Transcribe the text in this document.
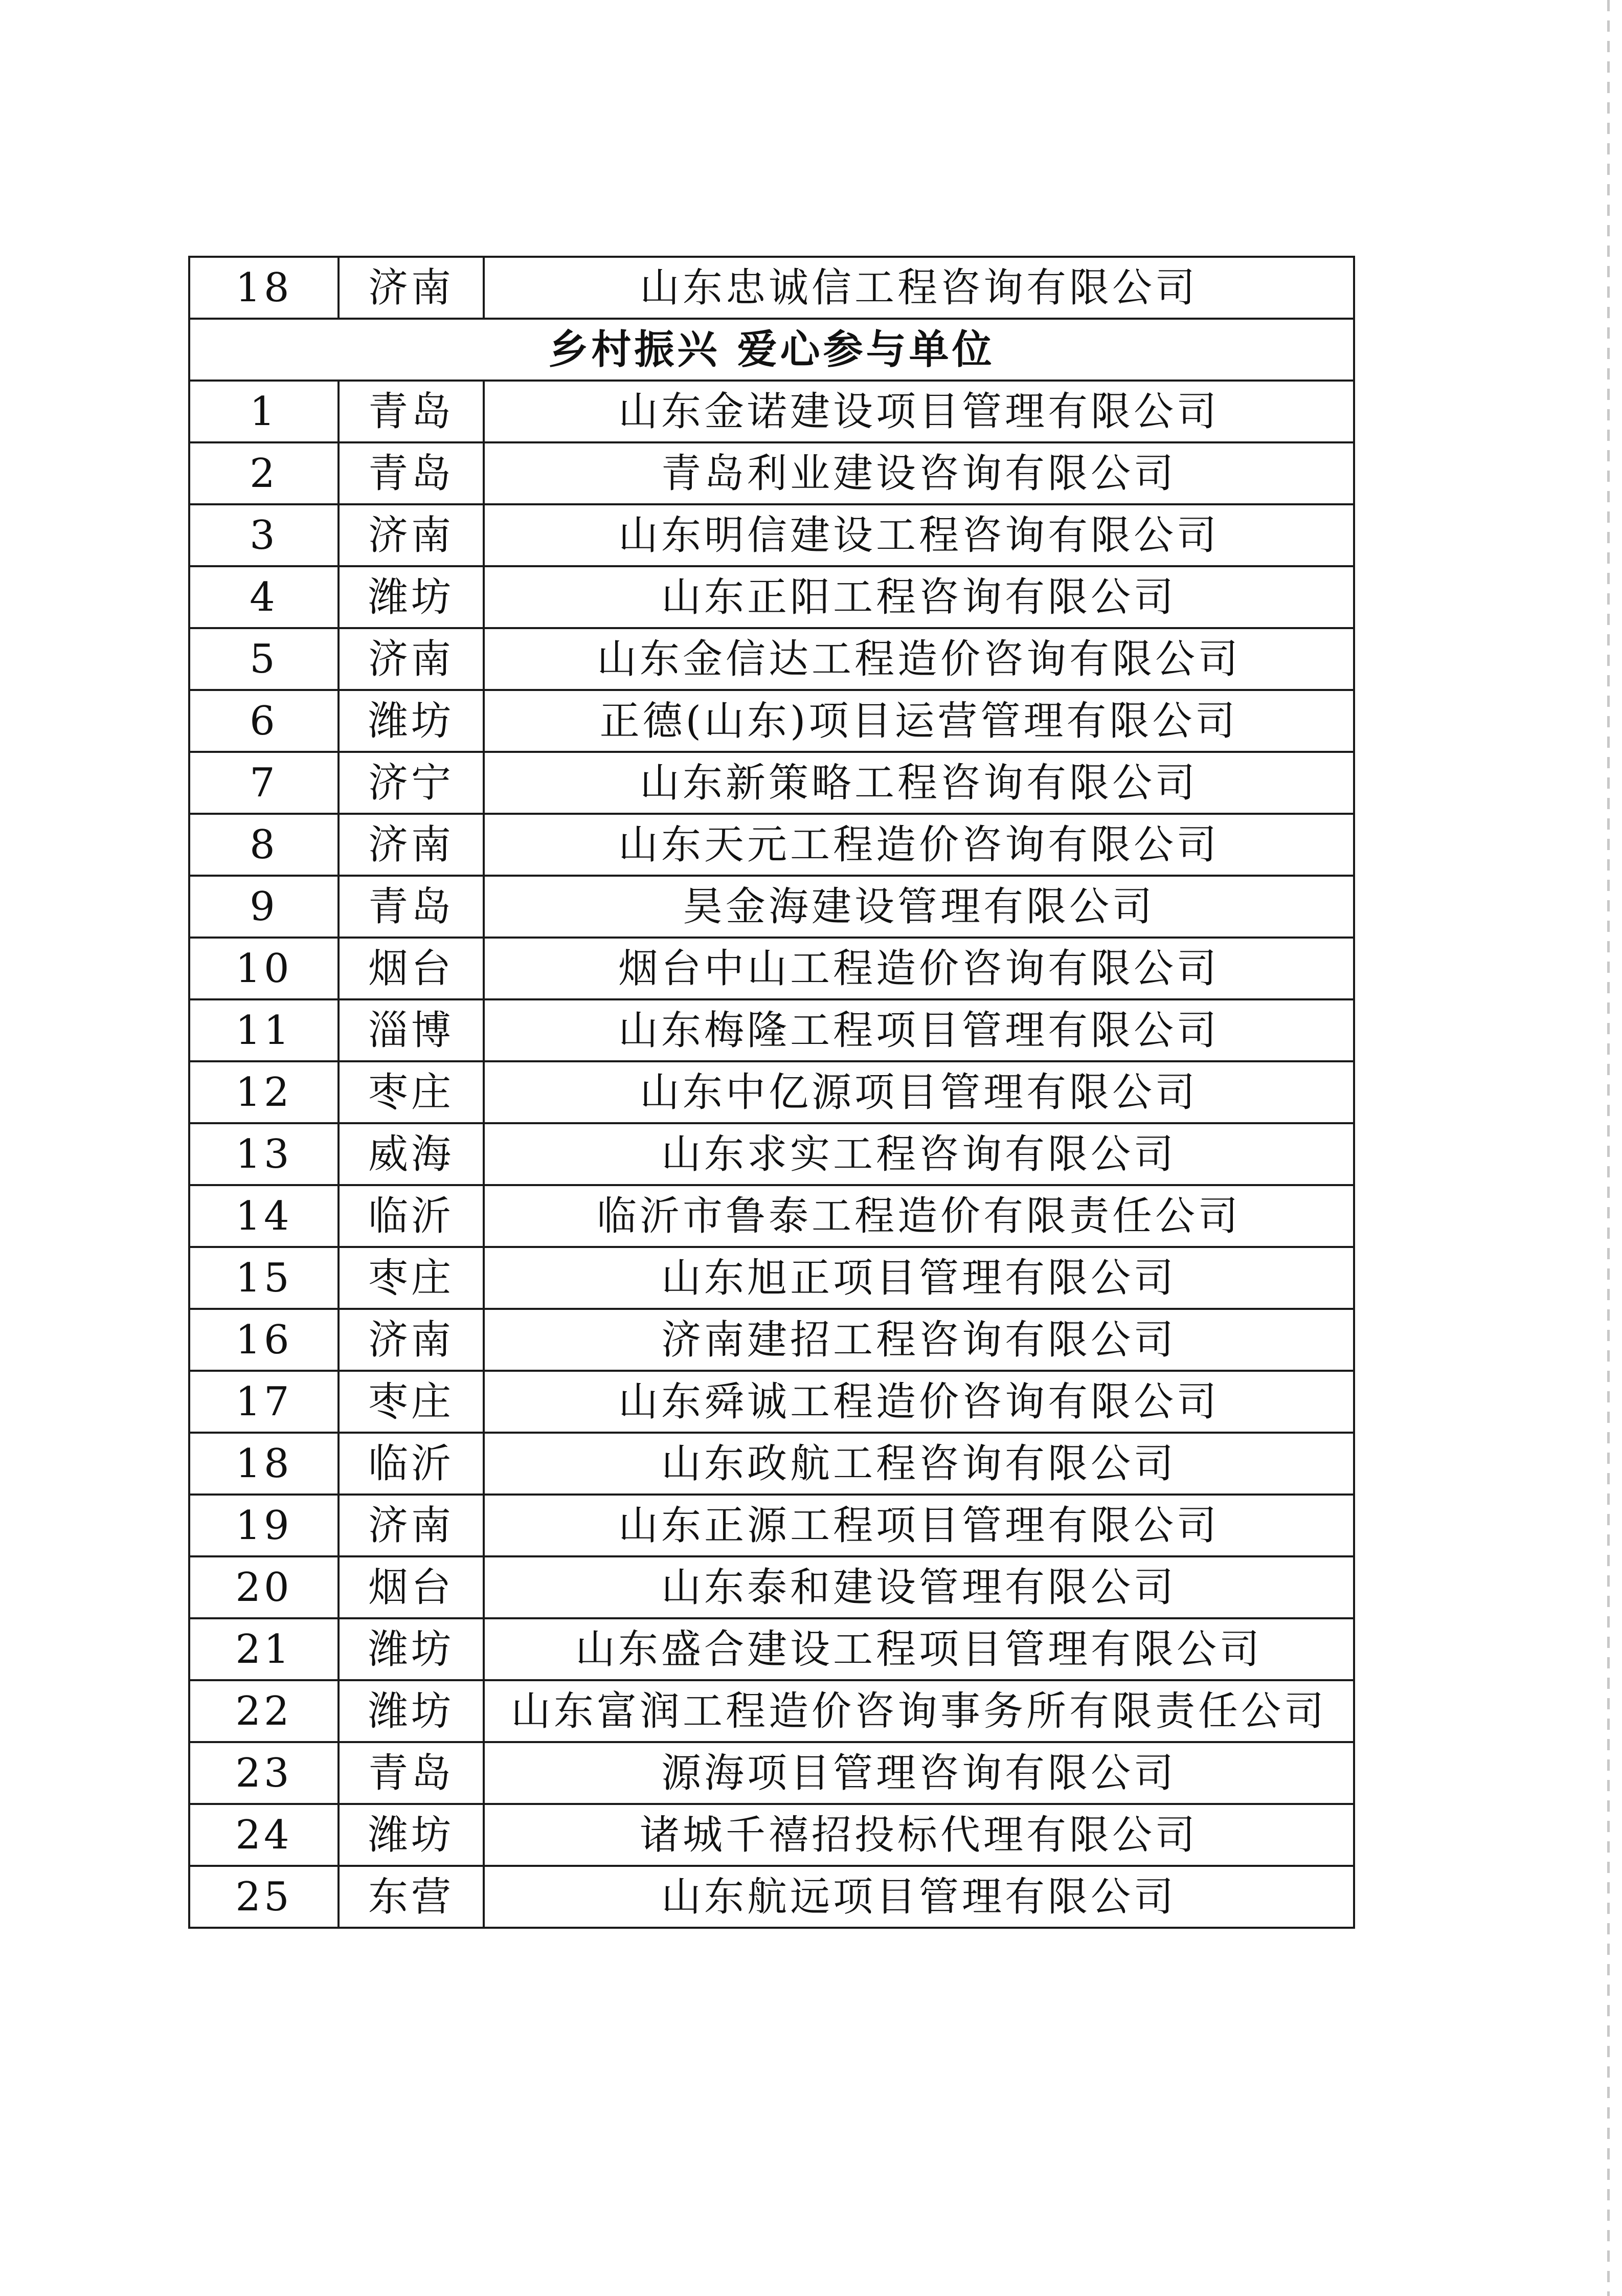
18	济南	山东忠诚信工程咨询有限公司
乡村振兴 爱心参与单位		
1	青岛	山东金诺建设项目管理有限公司
2	青岛	青岛利业建设咨询有限公司
3	济南	山东明信建设工程咨询有限公司
4	潍坊	山东正阳工程咨询有限公司
5	济南	山东金信达工程造价咨询有限公司
6	潍坊	正德(山东)项目运营管理有限公司
7	济宁	山东新策略工程咨询有限公司
8	济南	山东天元工程造价咨询有限公司
9	青岛	昊金海建设管理有限公司
10	烟台	烟台中山工程造价咨询有限公司
11	淄博	山东梅隆工程项目管理有限公司
12	枣庄	山东中亿源项目管理有限公司
13	威海	山东求实工程咨询有限公司
14	临沂	临沂市鲁泰工程造价有限责任公司
15	枣庄	山东旭正项目管理有限公司
16	济南	济南建招工程咨询有限公司
17	枣庄	山东舜诚工程造价咨询有限公司
18	临沂	山东政航工程咨询有限公司
19	济南	山东正源工程项目管理有限公司
20	烟台	山东泰和建设管理有限公司
21	潍坊	山东盛合建设工程项目管理有限公司
22	潍坊	山东富润工程造价咨询事务所有限责任公司
23	青岛	源海项目管理咨询有限公司
24	潍坊	诸城千禧招投标代理有限公司
25	东营	山东航远项目管理有限公司
